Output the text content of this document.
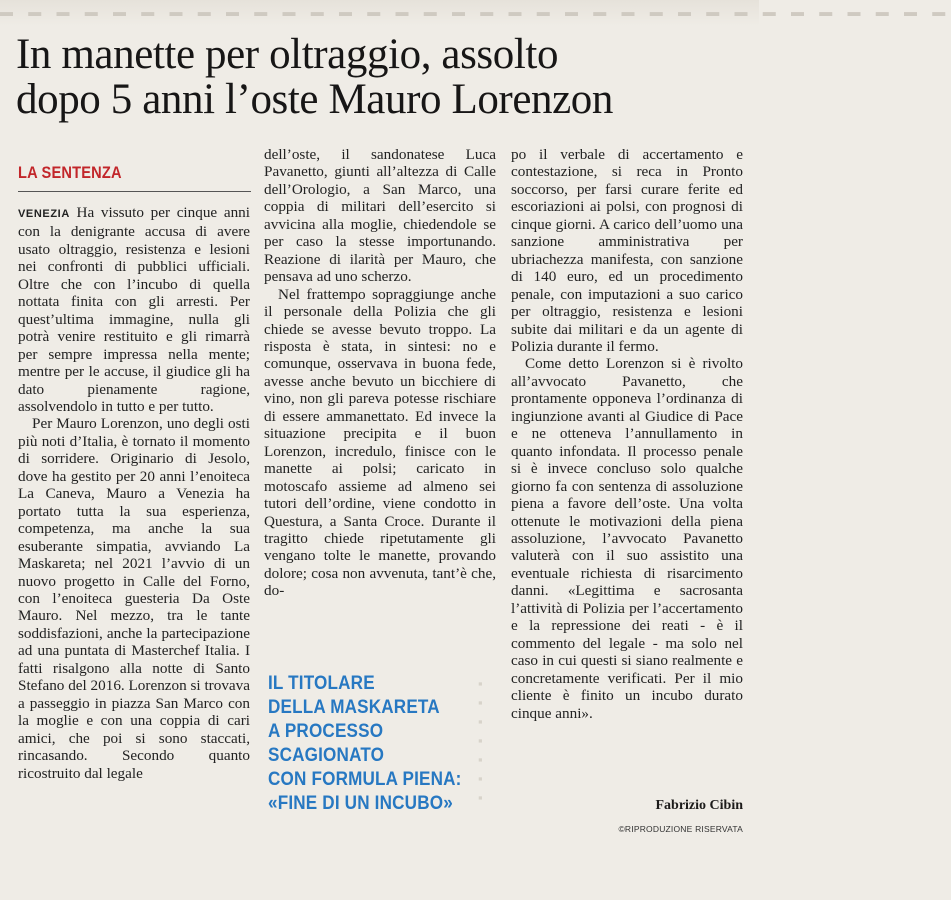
▬ ▬ ▬ ▬ ▬ ▬ ▬ ▬ ▬ ▬ ▬ ▬ ▬ ▬ ▬ ▬ ▬ ▬ ▬ ▬ ▬ ▬ ▬ ▬ ▬ ▬ ▬ ▬ ▬ ▬ ▬ ▬ ▬ ▬
In manette per oltraggio, assolto
dopo 5 anni l’oste Mauro Lorenzon
LA SENTENZA

VENEZIA Ha vissuto per cinque anni con la denigrante accusa di avere usato oltraggio, resistenza e lesioni nei confronti di pubblici ufficiali. Oltre che con l’incubo di quella nottata finita con gli arresti. Per quest’ultima immagine, nulla gli potrà venire restituito e gli rimarrà per sempre impressa nella mente; mentre per le accuse, il giudice gli ha dato pienamente ragione, assolvendolo in tutto e per tutto.

Per Mauro Lorenzon, uno degli osti più noti d’Italia, è tornato il momento di sorridere. Originario di Jesolo, dove ha gestito per 20 anni l’enoiteca La Caneva, Mauro a Venezia ha portato tutta la sua esperienza, competenza, ma anche la sua esuberante simpatia, avviando La Maskareta; nel 2021 l’avvio di un nuovo progetto in Calle del Forno, con l’enoiteca guesteria Da Oste Mauro. Nel mezzo, tra le tante soddisfazioni, anche la partecipazione ad una puntata di Masterchef Italia. I fatti risalgono alla notte di Santo Stefano del 2016. Lorenzon si trovava a passeggio in piazza San Marco con la moglie e con una coppia di cari amici, che poi si sono staccati, rincasando. Secondo quanto ricostruito dal legale

dell’oste, il sandonatese Luca Pavanetto, giunti all’altezza di Calle dell’Orologio, a San Marco, una coppia di militari dell’esercito si avvicina alla moglie, chiedendole se per caso la stesse importunando. Reazione di ilarità per Mauro, che pensava ad uno scherzo.

Nel frattempo sopraggiunge anche il personale della Polizia che gli chiede se avesse bevuto troppo. La risposta è stata, in sintesi: no e comunque, osservava in buona fede, avesse anche bevuto un bicchiere di vino, non gli pareva potesse rischiare di essere ammanettato. Ed invece la situazione precipita e il buon Lorenzon, incredulo, finisce con le manette ai polsi; caricato in motoscafo assieme ad almeno sei tutori dell’ordine, viene condotto in Questura, a Santa Croce. Durante il tragitto chiede ripetutamente gli vengano tolte le manette, provando dolore; cosa non avvenuta, tant’è che, do-

po il verbale di accertamento e contestazione, si reca in Pronto soccorso, per farsi curare ferite ed escoriazioni ai polsi, con prognosi di cinque giorni. A carico dell’uomo una sanzione amministrativa per ubriachezza manifesta, con sanzione di 140 euro, ed un procedimento penale, con imputazioni a suo carico per oltraggio, resistenza e lesioni subite dai militari e da un agente di Polizia durante il fermo.

Come detto Lorenzon si è rivolto all’avvocato Pavanetto, che prontamente opponeva l’ordinanza di ingiunzione avanti al Giudice di Pace e ne otteneva l’annullamento in quanto infondata. Il processo penale si è invece concluso solo qualche giorno fa con sentenza di assoluzione piena a favore dell’oste. Una volta ottenute le motivazioni della piena assoluzione, l’avvocato Pavanetto valuterà con il suo assistito una eventuale richiesta di risarcimento danni. «Legittima e sacrosanta l’attività di Polizia per l’accertamento e la repressione dei reati - è il commento del legale - ma solo nel caso in cui questi si siano realmente e concretamente verificati. Per il mio cliente è finito un incubo durato cinque anni».

▪
▪
▪
▪
▪
▪
▪
IL TITOLARE
DELLA MASKARETA
A PROCESSO
SCAGIONATO
CON FORMULA PIENA:
«FINE DI UN INCUBO»	Fabrizio Cibin
©RIPRODUZIONE RISERVATA
